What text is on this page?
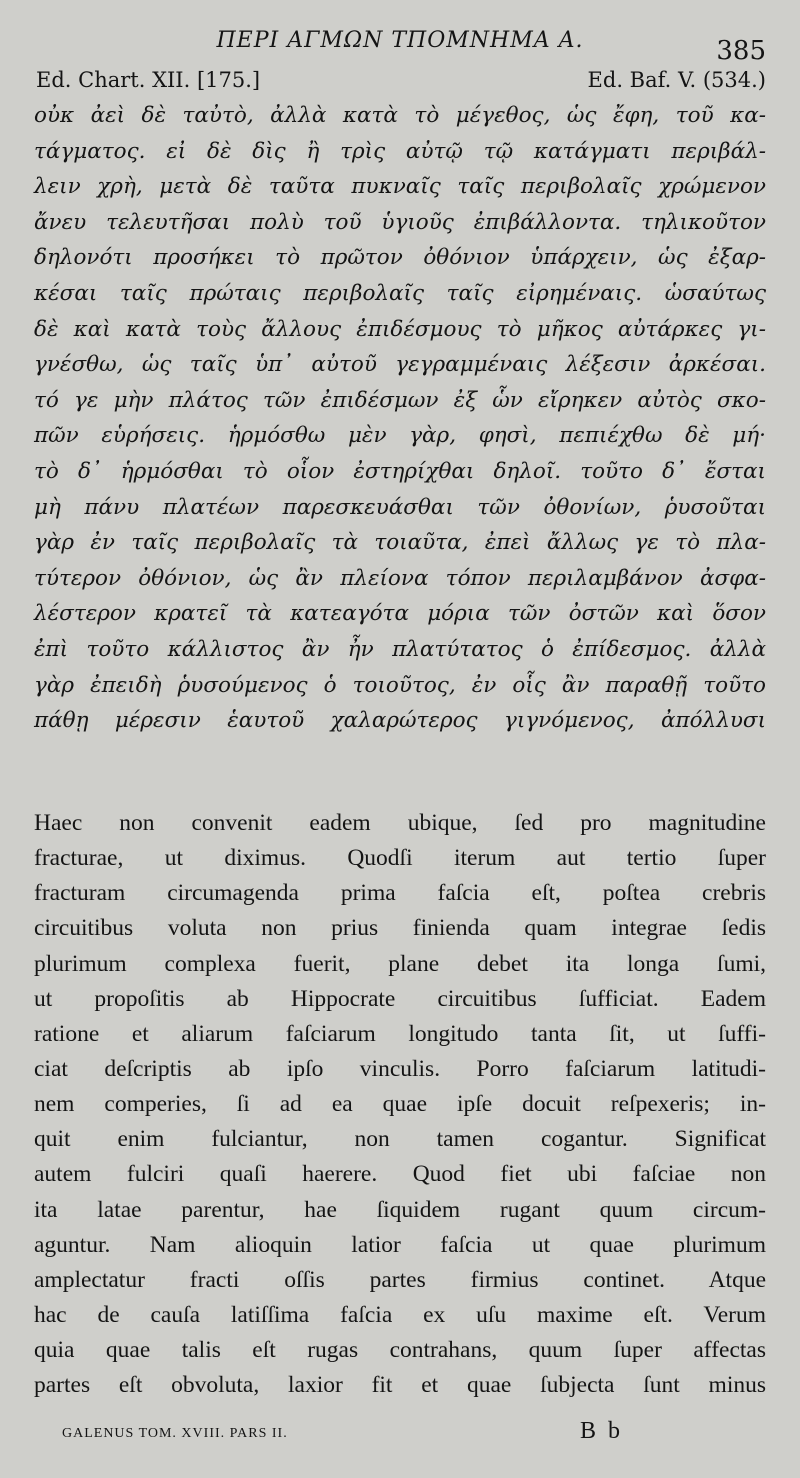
ΠΕΡΙ ΑΓΜΩΝ ΤΠΟΜΝΗΜΑ Α.	385
Ed. Chart. XII. [175.]	Ed. Baf. V. (534.)
οὐκ ἀεὶ δὲ ταὐτὸ, ἀλλὰ κατὰ τὸ μέγεθος, ὡς ἔφη, τοῦ κα-
τάγματος. εἰ δὲ δὶς ἢ τρὶς αὐτῷ τῷ κατάγματι περιβάλ-
λειν χρὴ, μετὰ δὲ ταῦτα πυκναῖς ταῖς περιβολαῖς χρώμενον
ἄνευ τελευτῆσαι πολὺ τοῦ ὑγιοῦς ἐπιβάλλοντα. τηλικοῦτον
δηλονότι προσήκει τὸ πρῶτον ὀθόνιον ὑπάρχειν, ὡς ἐξαρ-
κέσαι ταῖς πρώταις περιβολαῖς ταῖς εἰρημέναις. ὡσαύτως
δὲ καὶ κατὰ τοὺς ἄλλους ἐπιδέσμους τὸ μῆκος αὐτάρκες γι-
γνέσθω, ὡς ταῖς ὑπ᾽ αὐτοῦ γεγραμμέναις λέξεσιν ἀρκέσαι.
τό γε μὴν πλάτος τῶν ἐπιδέσμων ἐξ ὧν εἴρηκεν αὐτὸς σκο-
πῶν εὑρήσεις. ἡρμόσθω μὲν γὰρ, φησὶ, πεπιέχθω δὲ μή·
τὸ δ᾽ ἡρμόσθαι τὸ οἷον ἐστηρίχθαι δηλοῖ. τοῦτο δ᾽ ἔσται
μὴ πάνυ πλατέων παρεσκευάσθαι τῶν ὀθονίων, ῥυσοῦται
γὰρ ἐν ταῖς περιβολαῖς τὰ τοιαῦτα, ἐπεὶ ἄλλως γε τὸ πλα-
τύτερον ὀθόνιον, ὡς ἂν πλείονα τόπον περιλαμβάνον ἀσφα-
λέστερον κρατεῖ τὰ κατεαγότα μόρια τῶν ὀστῶν καὶ ὅσον
ἐπὶ τοῦτο κάλλιστος ἂν ἦν πλατύτατος ὁ ἐπίδεσμος. ἀλλὰ
γὰρ ἐπειδὴ ῥυσούμενος ὁ τοιοῦτος, ἐν οἷς ἂν παραθῇ τοῦτο
πάθῃ μέρεσιν ἑαυτοῦ χαλαρώτερος γιγνόμενος, ἀπόλλυσι
Haec non convenit eadem ubique, ſed pro magnitudine
fracturae, ut diximus. Quodſi iterum aut tertio ſuper
fracturam circumagenda prima faſcia eſt, poſtea crebris
circuitibus voluta non prius finienda quam integrae ſedis
plurimum complexa fuerit, plane debet ita longa ſumi,
ut propoſitis ab Hippocrate circuitibus ſufficiat. Eadem
ratione et aliarum faſciarum longitudo tanta ſit, ut ſuffi-
ciat deſcriptis ab ipſo vinculis. Porro faſciarum latitudi-
nem comperies, ſi ad ea quae ipſe docuit reſpexeris; in-
quit enim fulciantur, non tamen cogantur. Significat
autem fulciri quaſi haerere. Quod fiet ubi faſciae non
ita latae parentur, hae ſiquidem rugant quum circum-
aguntur. Nam alioquin latior faſcia ut quae plurimum
amplectatur fracti oſſis partes firmius continet. Atque
hac de cauſa latiſſima faſcia ex uſu maxime eſt. Verum
quia quae talis eſt rugas contrahans, quum ſuper affectas
partes eſt obvoluta, laxior fit et quae ſubjecta ſunt minus
GALENUS TOM. XVIII. PARS II.	B b
